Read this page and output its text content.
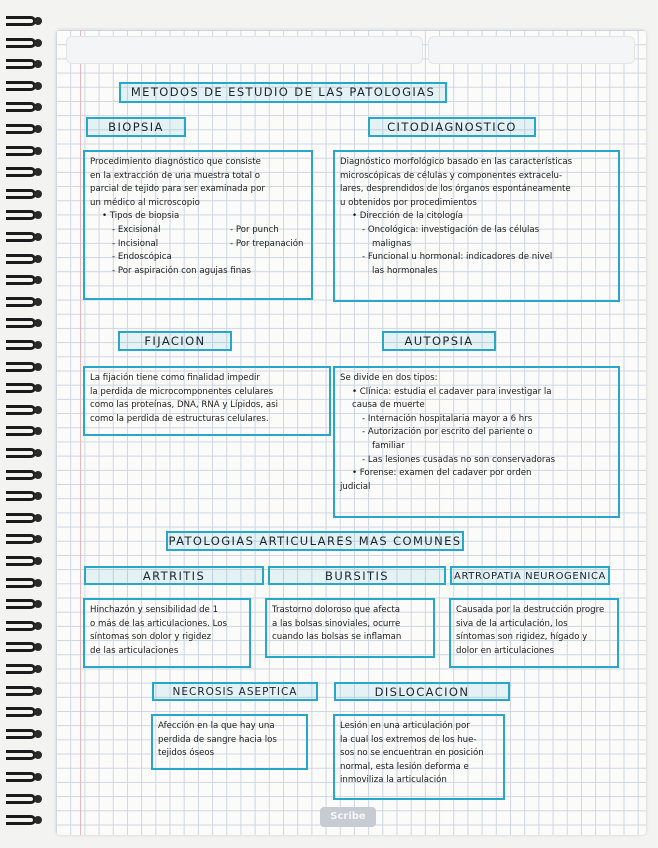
METODOS DE ESTUDIO DE LAS PATOLOGIAS
BIOPSIA

Procedimiento diagnóstico que consiste

en la extracción de una muestra total o

parcial de tejido para ser examinada por

un médico al microscopio

• Tipos de biopsia

- Excisional

- Incisional

- Endoscópica

- Por punch

- Por trepanación

- Por aspiración con agujas finas

CITODIAGNOSTICO

Diagnóstico morfológico basado en las características

microscópicas de células y componentes extracelu-

lares, desprendidos de los órganos espontáneamente

u obtenidos por procedimientos

• Dirección de la citología

- Oncológica: investigación de las células

malignas

- Funcional u hormonal: indicadores de nivel

las hormonales

FIJACION

La fijación tiene como finalidad impedir

la perdida de microcomponentes celulares

como las proteínas, DNA, RNA y Lípidos, asi

como la perdida de estructuras celulares.

AUTOPSIA

Se divide en dos tipos:

• Clínica: estudia el cadaver para investigar la

causa de muerte

- Internación hospitalaria mayor a 6 hrs

- Autorización por escrito del pariente o

familiar

- Las lesiones cusadas no son conservadoras

• Forense: examen del cadaver por orden

judicial

PATOLOGIAS ARTICULARES MAS COMUNES
ARTRITIS

Hinchazón y sensibilidad de 1

o más de las articulaciones. Los

síntomas son dolor y rigidez

de las articulaciones

BURSITIS

Trastorno doloroso que afecta

a las bolsas sinoviales, ocurre

cuando las bolsas se inflaman

ARTROPATIA NEUROGENICA

Causada por la destrucción progre

siva de la articulación, los

síntomas son rigidez, hígado y

dolor en articulaciones

NECROSIS ASEPTICA

Afección en la que hay una

perdida de sangre hacia los

tejidos óseos

DISLOCACION

Lesión en una articulación por

la cual los extremos de los hue-

sos no se encuentran en posición

normal, esta lesión deforma e

inmoviliza la articulación

Scribe
